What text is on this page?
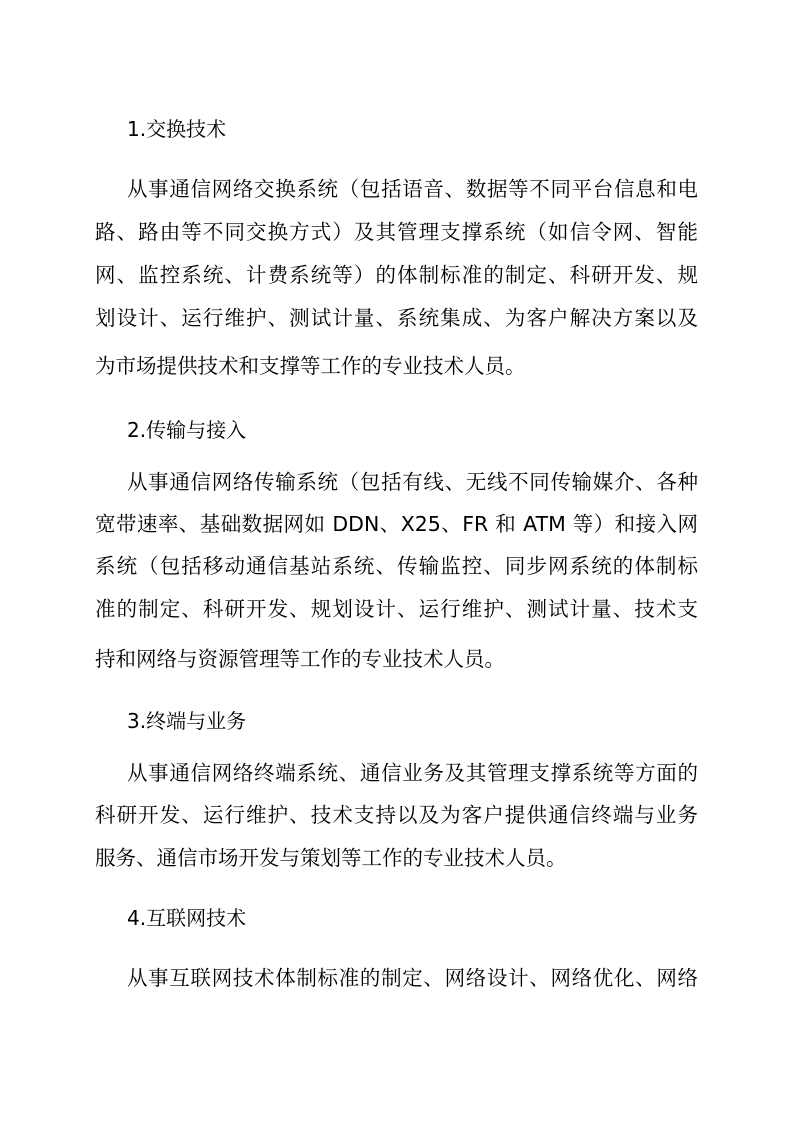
1.交换技术
从事通信网络交换系统（包括语音、数据等不同平台信息和电
路、路由等不同交换方式）及其管理支撑系统（如信令网、智能
网、监控系统、计费系统等）的体制标准的制定、科研开发、规
划设计、运行维护、测试计量、系统集成、为客户解决方案以及
为市场提供技术和支撑等工作的专业技术人员。
2.传输与接入
从事通信网络传输系统（包括有线、无线不同传输媒介、各种
宽带速率、基础数据网如 DDN、X25、FR 和 ATM 等）和接入网
系统（包括移动通信基站系统、传输监控、同步网系统的体制标
准的制定、科研开发、规划设计、运行维护、测试计量、技术支
持和网络与资源管理等工作的专业技术人员。
3.终端与业务
从事通信网络终端系统、通信业务及其管理支撑系统等方面的
科研开发、运行维护、技术支持以及为客户提供通信终端与业务
服务、通信市场开发与策划等工作的专业技术人员。
4.互联网技术
从事互联网技术体制标准的制定、网络设计、网络优化、网络
